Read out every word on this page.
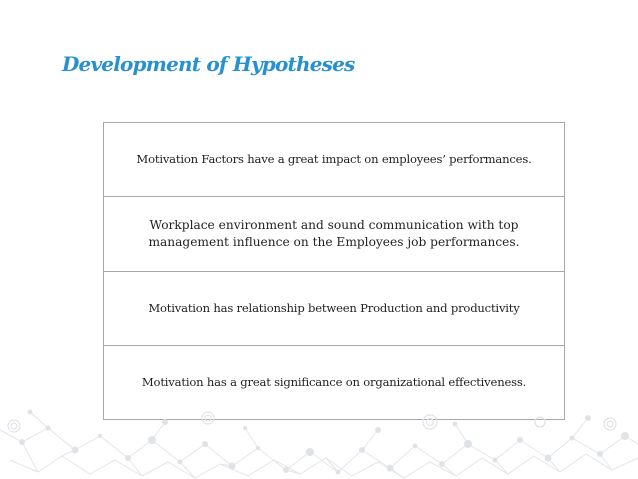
Development of Hypotheses
Motivation Factors have a great impact on employees’ performances.
Workplace environment and sound communication with top management influence on the Employees job performances.
Motivation has relationship between Production and productivity
Motivation has a great significance on organizational effectiveness.
